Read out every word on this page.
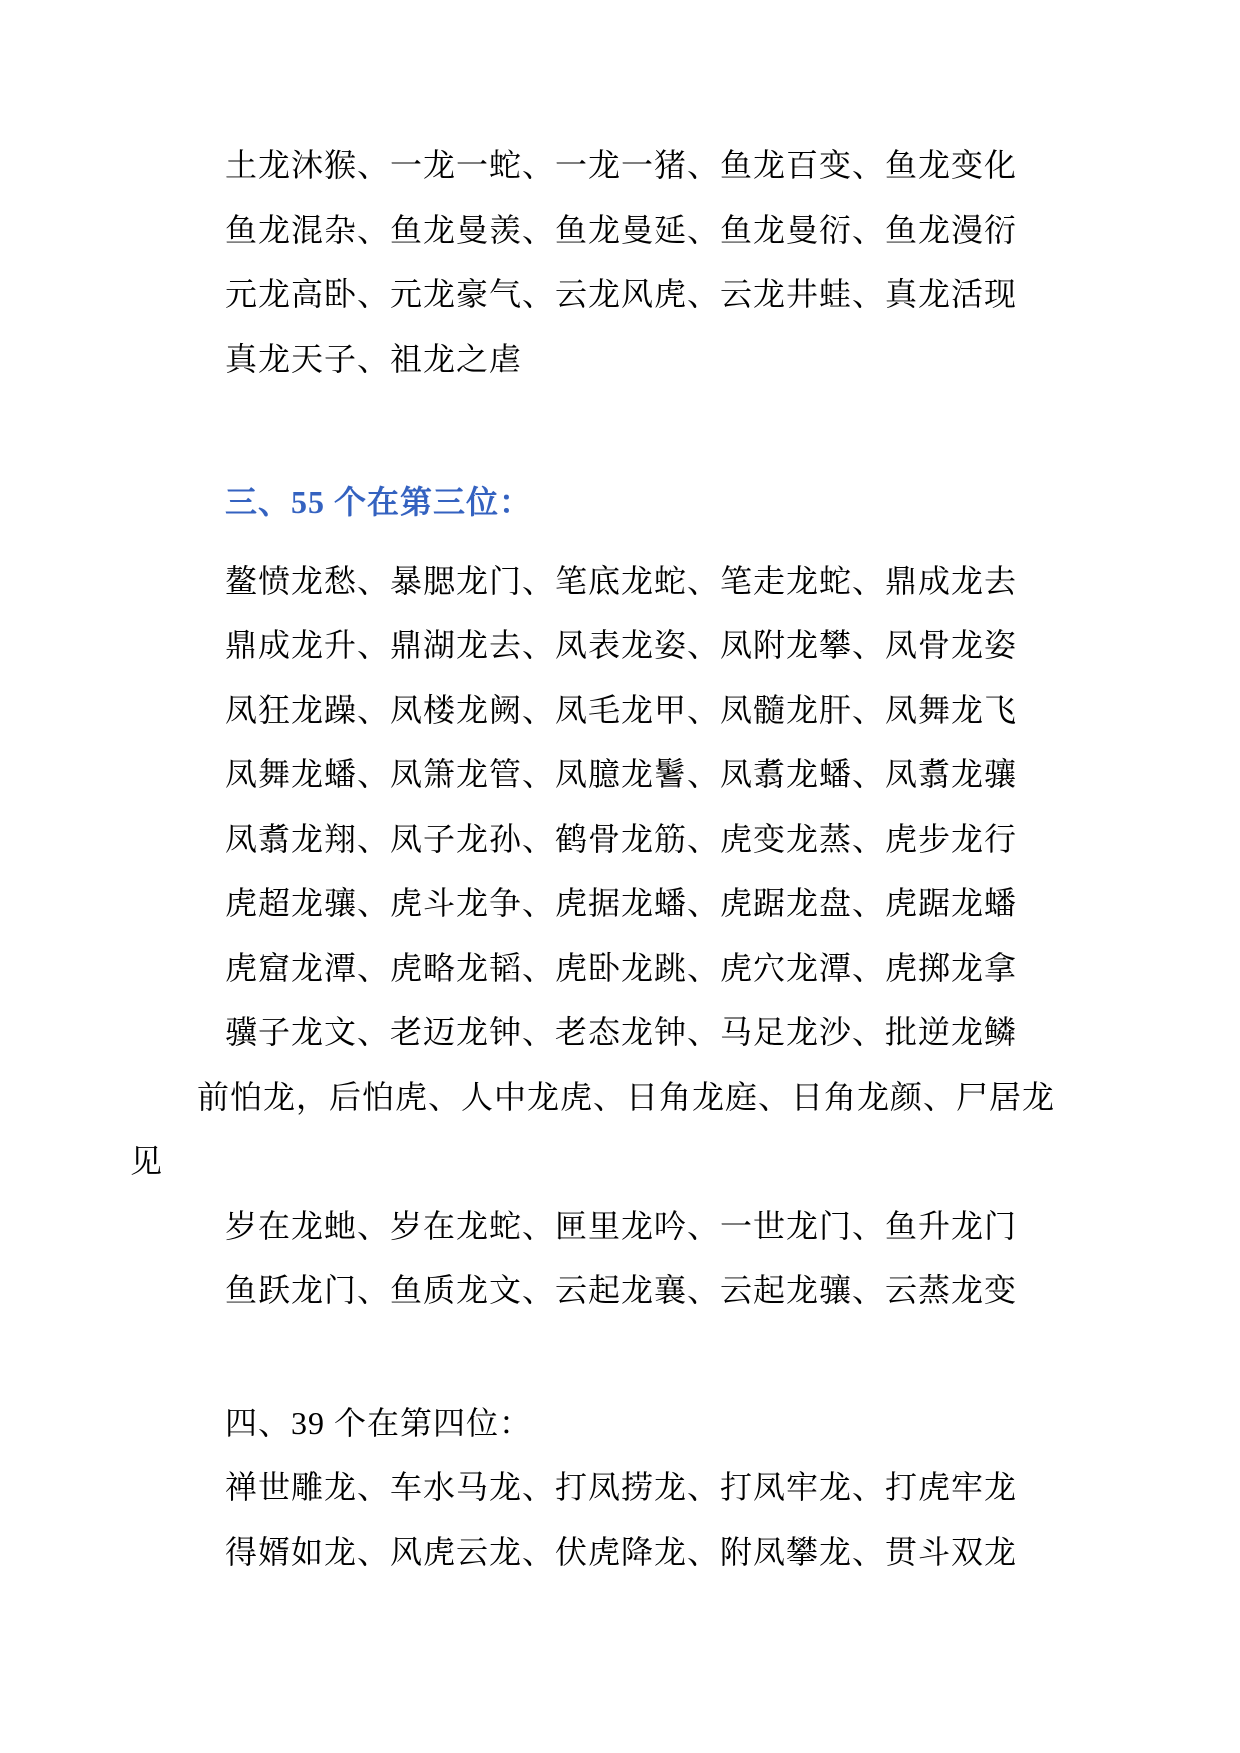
土龙沐猴、一龙一蛇、一龙一猪、鱼龙百变、鱼龙变化
鱼龙混杂、鱼龙曼羡、鱼龙曼延、鱼龙曼衍、鱼龙漫衍
元龙高卧、元龙豪气、云龙风虎、云龙井蛙、真龙活现
真龙天子、祖龙之虐
三、55 个在第三位：
鳌愤龙愁、暴腮龙门、笔底龙蛇、笔走龙蛇、鼎成龙去
鼎成龙升、鼎湖龙去、凤表龙姿、凤附龙攀、凤骨龙姿
凤狂龙躁、凤楼龙阙、凤毛龙甲、凤髓龙肝、凤舞龙飞
凤舞龙蟠、凤箫龙管、凤臆龙鬐、凤翥龙蟠、凤翥龙骧
凤翥龙翔、凤子龙孙、鹤骨龙筋、虎变龙蒸、虎步龙行
虎超龙骧、虎斗龙争、虎据龙蟠、虎踞龙盘、虎踞龙蟠
虎窟龙潭、虎略龙韬、虎卧龙跳、虎穴龙潭、虎掷龙拿
骥子龙文、老迈龙钟、老态龙钟、马足龙沙、批逆龙鳞
前怕龙，后怕虎、人中龙虎、日角龙庭、日角龙颜、尸居龙
见
岁在龙虵、岁在龙蛇、匣里龙吟、一世龙门、鱼升龙门
鱼跃龙门、鱼质龙文、云起龙襄、云起龙骧、云蒸龙变
四、39 个在第四位：
禅世雕龙、车水马龙、打凤捞龙、打凤牢龙、打虎牢龙
得婿如龙、风虎云龙、伏虎降龙、附凤攀龙、贯斗双龙
